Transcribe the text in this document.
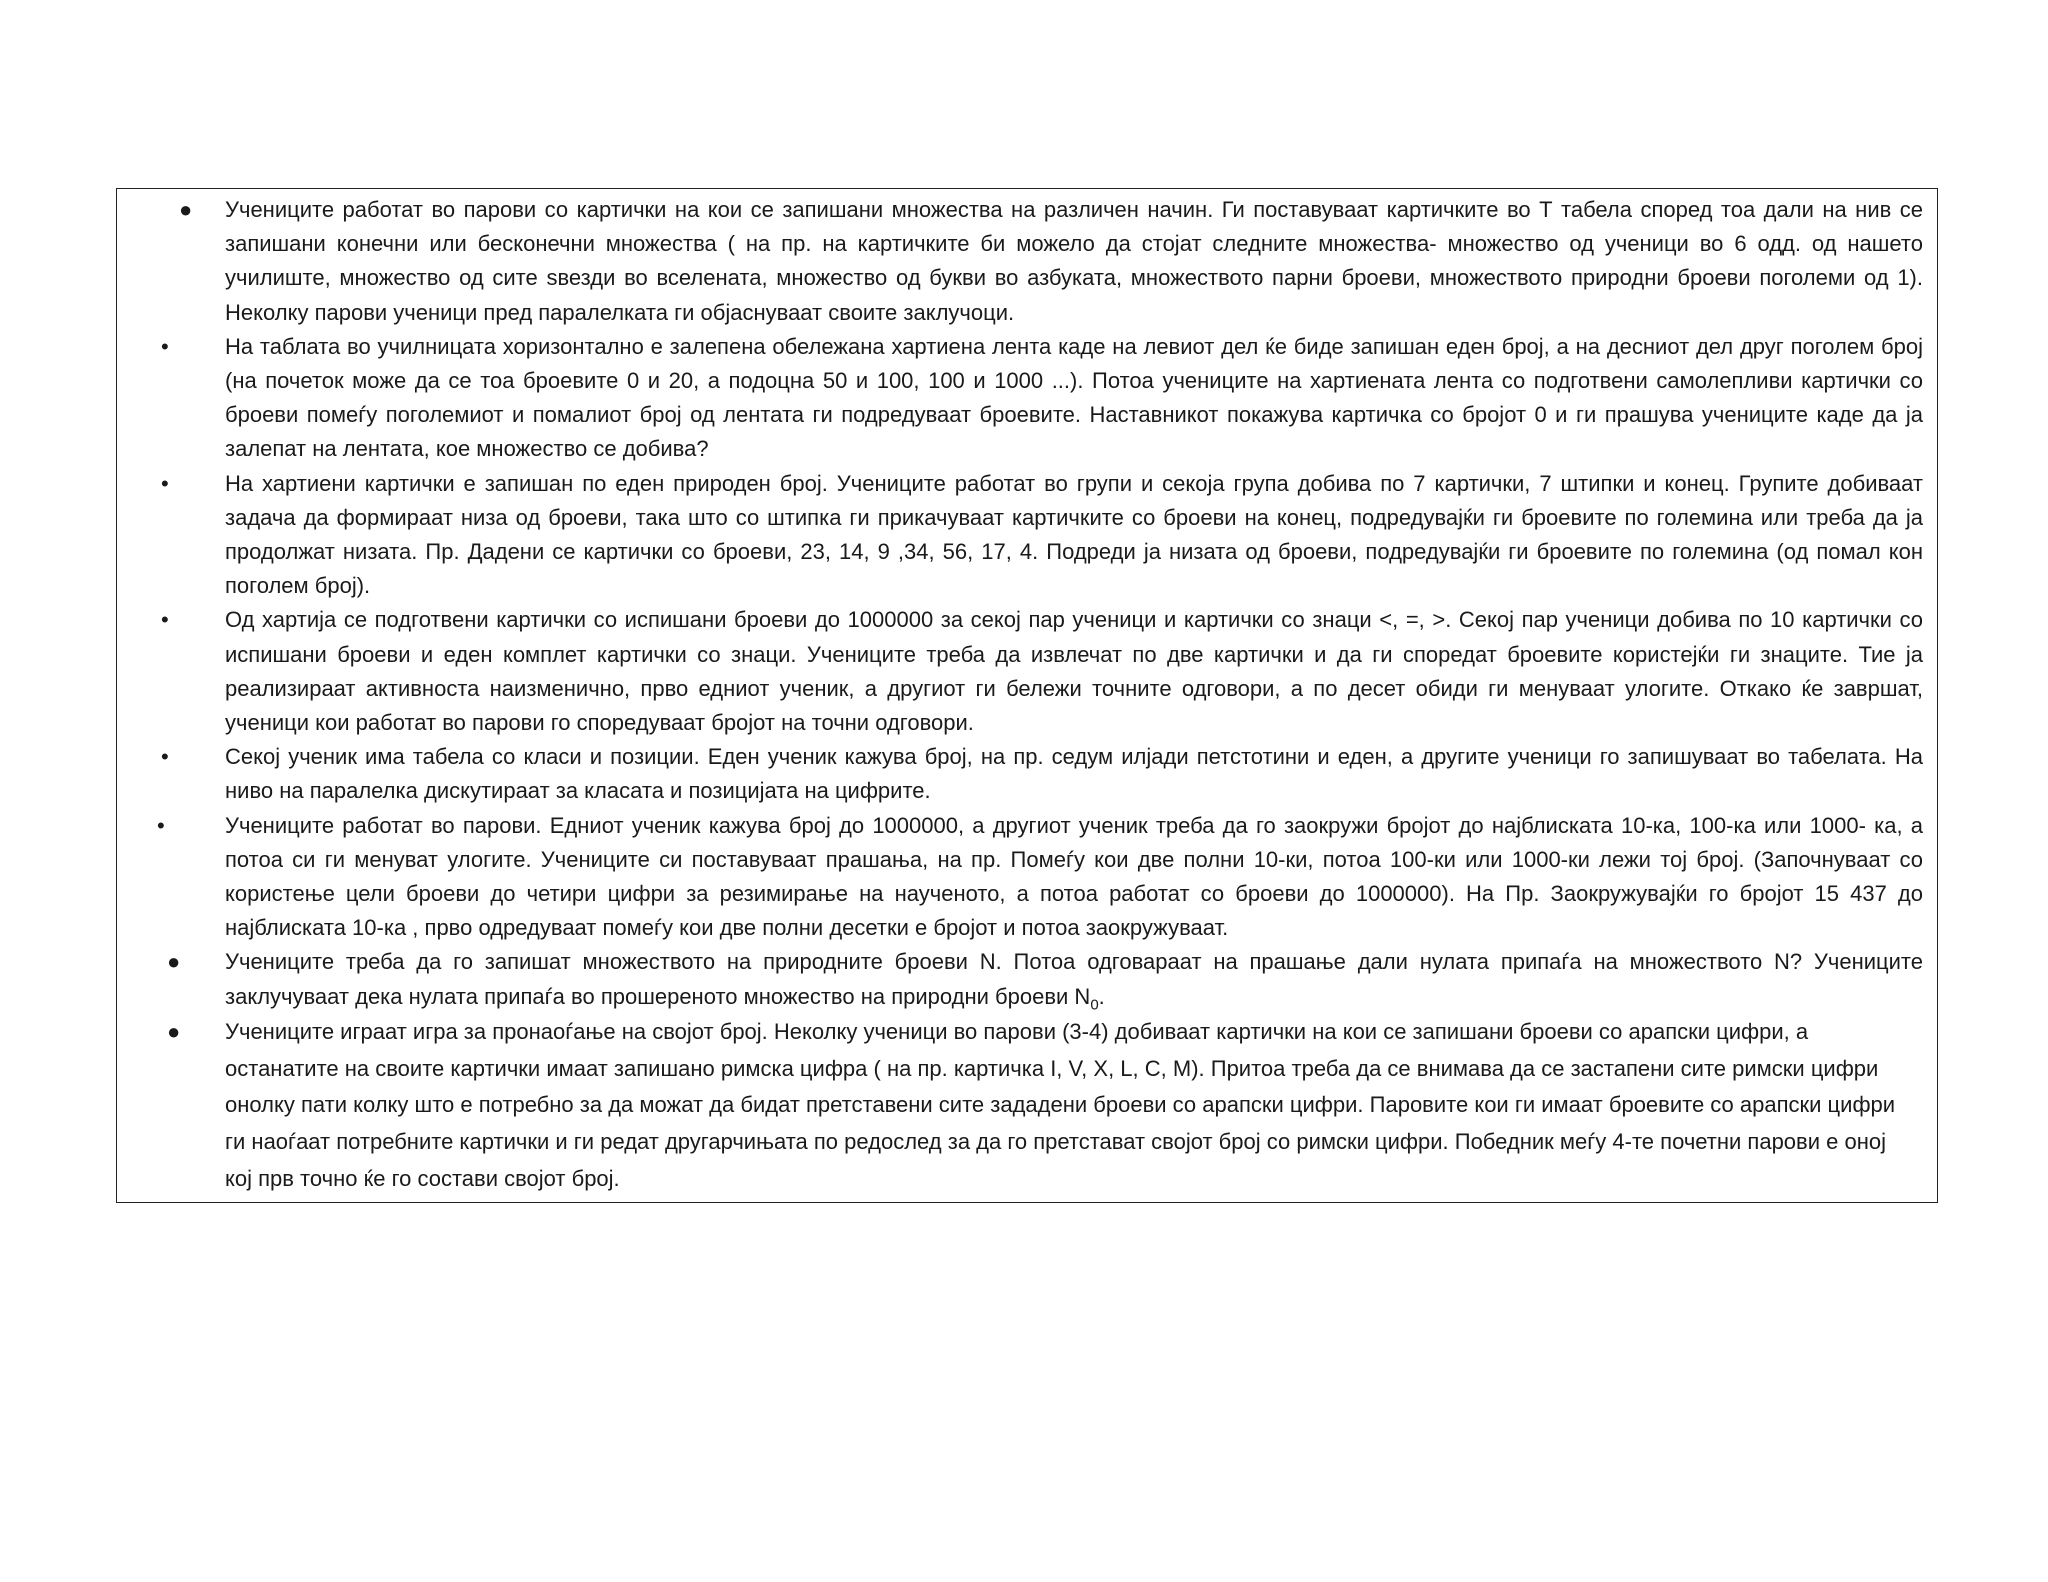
● Учениците работат во парови со картички на кои се запишани множества на различен начин. Ги поставуваат картичките во Т табела според тоа дали на нив се запишани конечни или бесконечни множества ( на пр. на картичките би можело да стојат следните множества- множество од ученици во 6 одд. од нашето училиште, множество од сите ѕвезди во вселената, множество од букви во азбуката, множеството парни броеви, множеството природни броеви поголеми од 1). Неколку парови ученици пред паралелката ги објаснуваат своите заклучоци.
•	На таблата во училницата хоризонтално е залепена обележана хартиена лента каде на левиот дел ќе биде запишан еден број, а на десниот дел друг поголем број (на почеток може да се тоа броевите 0 и 20, а подоцна 50 и 100, 100 и 1000 ...). Потоа учениците на хартиената лента со подготвени самолепливи картички со броеви помеѓу поголемиот и помалиот број од лентата ги подредуваат броевите. Наставникот покажува картичка со бројот 0 и ги прашува учениците каде да ја залепат на лентата, кое множество се добива?
•	На хартиени картички е запишан по еден природен број. Учениците работат во групи и секоја група добива по 7 картички, 7 штипки и конец. Групите добиваат задача да формираат низа од броеви, така што со штипка ги прикачуваат картичките со броеви на конец, подредувајќи ги броевите по големина или треба да ја продолжат низата. Пр. Дадени се картички со броеви, 23, 14, 9 ,34, 56, 17, 4. Подреди ја низата од броеви, подредувајќи ги броевите по големина (од помал кон поголем број).
•	Од хартија се подготвени картички со испишани броеви до 1000000 за секој пар ученици и картички со знаци <, =, >. Секој пар ученици добива по 10 картички со испишани броеви и еден комплет картички со знаци. Учениците треба да извлечат по две картички и да ги споредат броевите користејќи ги знаците. Тие ја реализираат активноста наизменично, прво едниот ученик, а другиот ги бележи точните одговори, а по десет обиди ги менуваат улогите. Откако ќе завршат, ученици кои работат во парови го споредуваат бројот на точни одговори.
•	Секој ученик има табела со класи и позиции. Еден ученик кажува број, на пр. седум илјади петстотини и еден, а другите ученици го запишуваат во табелата. На ниво на паралелка дискутираат за класата и позицијата на цифрите.
•	Учениците работат во парови. Едниот ученик кажува број до 1000000, а другиот ученик треба да го заокружи бројот до најблиската 10-ка, 100-ка или 1000- ка, а потоа си ги менуват улогите. Учениците си поставуваат прашања, на пр. Помеѓу кои две полни 10-ки, потоа 100-ки или 1000-ки лежи тој број. (Започнуваат со користење цели броеви до четири цифри за резимирање на наученото, а потоа работат со броеви до 1000000). На Пр. Заокружувајќи го бројот 15 437 до најблиската 10-ка , прво одредуваат помеѓу кои две полни десетки е бројот и потоа заокружуваат.
● Учениците треба да го запишат множеството на природните броеви N. Потоа одговараат на прашање дали нулата припаѓа на множеството N? Учениците заклучуваат дека нулата припаѓа во прошереното множество на природни броеви $N_0$.
● Учениците играат игра за пронаоѓање на својот број. Неколку ученици во парови (3-4) добиваат картички на кои се запишани броеви со арапски цифри, а останатите на своите картички имаат запишано римска цифра ( на пр. картичка I, V, X, L, C, M). Притоа треба да се внимава да се застапени сите римски цифри онолку пати колку што е потребно за да можат да бидат претставени сите зададени броеви со арапски цифри. Паровите кои ги имаат броевите со арапски цифри ги наоѓаат потребните картички и ги редат другарчињата по редослед за да го претстават својот број со римски цифри. Победник меѓу 4-те почетни парови е оној кој прв точно ќе го состави својот број.
